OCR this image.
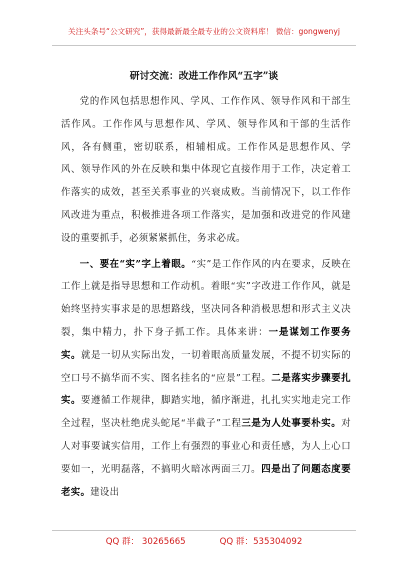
关注头条号“公文研究”，获得最新最全最专业的公文资料库！ 微信：gongwenyj
研讨交流：改进工作作风“五字”谈

党的作风包括思想作风、学风、工作作风、领导作风和干部生活作风。工作作风与思想作风、学风、领导作风和干部的生活作风，各有侧重，密切联系，相辅相成。工作作风是思想作风、学风、领导作风的外在反映和集中体现它直接作用于工作，决定着工作落实的成效，甚至关系事业的兴衰成败。当前情况下，以工作作风改进为重点，积极推进各项工作落实，是加强和改进党的作风建设的重要抓手，必须紧紧抓住，务求必成。

一、要在“实”字上着眼。“实”是工作作风的内在要求，反映在工作上就是指导思想和工作动机。着眼“实”字改进工作作风，就是始终坚持实事求是的思想路线，坚决同各种消极思想和形式主义决裂，集中精力，扑下身子抓工作。具体来讲：一是谋划工作要务实。就是一切从实际出发，一切着眼高质量发展，不提不切实际的空口号不搞华而不实、图名挂名的“应景”工程。二是落实步骤要扎实。要遵循工作规律，脚踏实地，循序渐进，扎扎实实地走完工作全过程，坚决杜绝虎头蛇尾“半截子”工程三是为人处事要朴实。对人对事要诚实信用，工作上有强烈的事业心和责任感，为人上心口要如一，光明磊落，不搞明火暗冰两面三刀。四是出了问题态度要老实。建设出

QQ 群： 30265665	QQ 群：535304092
